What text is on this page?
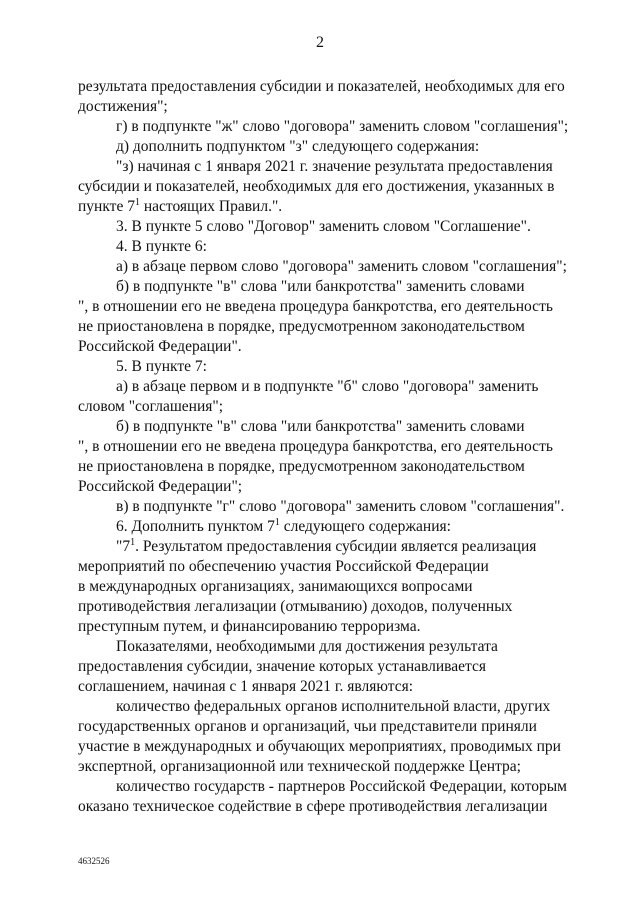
2
результата предоставления субсидии и показателей, необходимых для его
достижения";
г) в подпункте "ж" слово "договора" заменить словом "соглашения";
д) дополнить подпунктом "з" следующего содержания:
"з) начиная с 1 января 2021 г. значение результата предоставления
субсидии и показателей, необходимых для его достижения, указанных в
пункте $7^1$ настоящих Правил.".
3. В пункте 5 слово "Договор" заменить словом "Соглашение".
4. В пункте 6:
а) в абзаце первом слово "договора" заменить словом "соглашения";
б) в подпункте "в" слова "или банкротства" заменить словами
", в отношении его не введена процедура банкротства, его деятельность
не приостановлена в порядке, предусмотренном законодательством
Российской Федерации".
5. В пункте 7:
а) в абзаце первом и в подпункте "б" слово "договора" заменить
словом "соглашения";
б) в подпункте "в" слова "или банкротства" заменить словами
", в отношении его не введена процедура банкротства, его деятельность
не приостановлена в порядке, предусмотренном законодательством
Российской Федерации";
в) в подпункте "г" слово "договора" заменить словом "соглашения".
6. Дополнить пунктом $7^1$ следующего содержания:
"$7^1$. Результатом предоставления субсидии является реализация
мероприятий по обеспечению участия Российской Федерации
в международных организациях, занимающихся вопросами
противодействия легализации (отмыванию) доходов, полученных
преступным путем, и финансированию терроризма.
Показателями, необходимыми для достижения результата
предоставления субсидии, значение которых устанавливается
соглашением, начиная с 1 января 2021 г. являются:
количество федеральных органов исполнительной власти, других
государственных органов и организаций, чьи представители приняли
участие в международных и обучающих мероприятиях, проводимых при
экспертной, организационной или технической поддержке Центра;
количество государств - партнеров Российской Федерации, которым
оказано техническое содействие в сфере противодействия легализации
4632526
